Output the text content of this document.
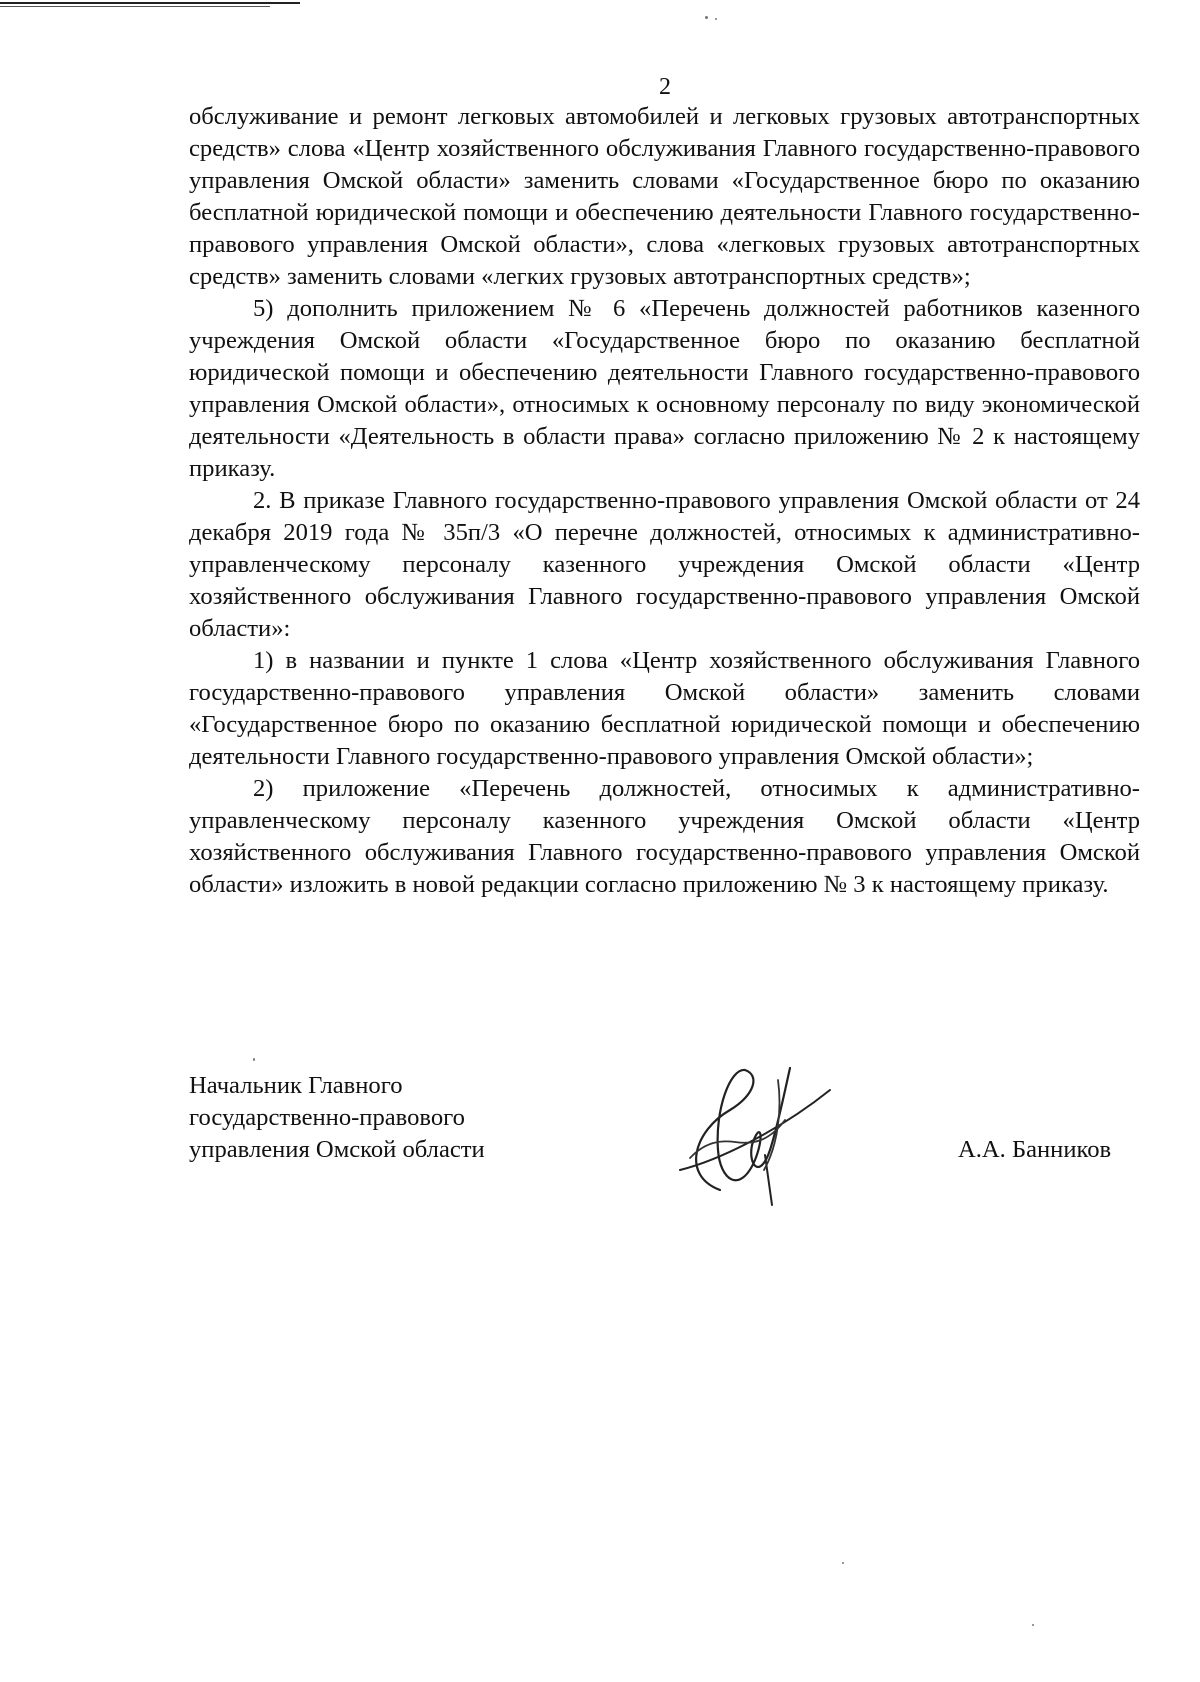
2

обслуживание и ремонт легковых автомобилей и легковых грузовых автотранспортных средств» слова «Центр хозяйственного обслуживания Главного государственно-правового управления Омской области» заменить словами «Государственное бюро по оказанию бесплатной юридической помощи и обеспечению деятельности Главного государственно-правового управления Омской области», слова «легковых грузовых автотранспортных средств» заменить словами «легких грузовых автотранспортных средств»;

5) дополнить приложением № 6 «Перечень должностей работников казенного учреждения Омской области «Государственное бюро по оказанию бесплатной юридической помощи и обеспечению деятельности Главного государственно-правового управления Омской области», относимых к основному персоналу по виду экономической деятельности «Деятельность в области права» согласно приложению № 2 к настоящему приказу.

2. В приказе Главного государственно-правового управления Омской области от 24 декабря 2019 года № 35п/3 «О перечне должностей, относимых к административно-управленческому персоналу казенного учреждения Омской области «Центр хозяйственного обслуживания Главного государственно-правового управления Омской области»:

1) в названии и пункте 1 слова «Центр хозяйственного обслуживания Главного государственно-правового управления Омской области» заменить словами «Государственное бюро по оказанию бесплатной юридической помощи и обеспечению деятельности Главного государственно-правового управления Омской области»;

2) приложение «Перечень должностей, относимых к административно-управленческому персоналу казенного учреждения Омской области «Центр хозяйственного обслуживания Главного государственно-правового управления Омской области» изложить в новой редакции согласно приложению № 3 к настоящему приказу.

Начальник Главного
государственно-правового
управления Омской области	А.А. Банников
